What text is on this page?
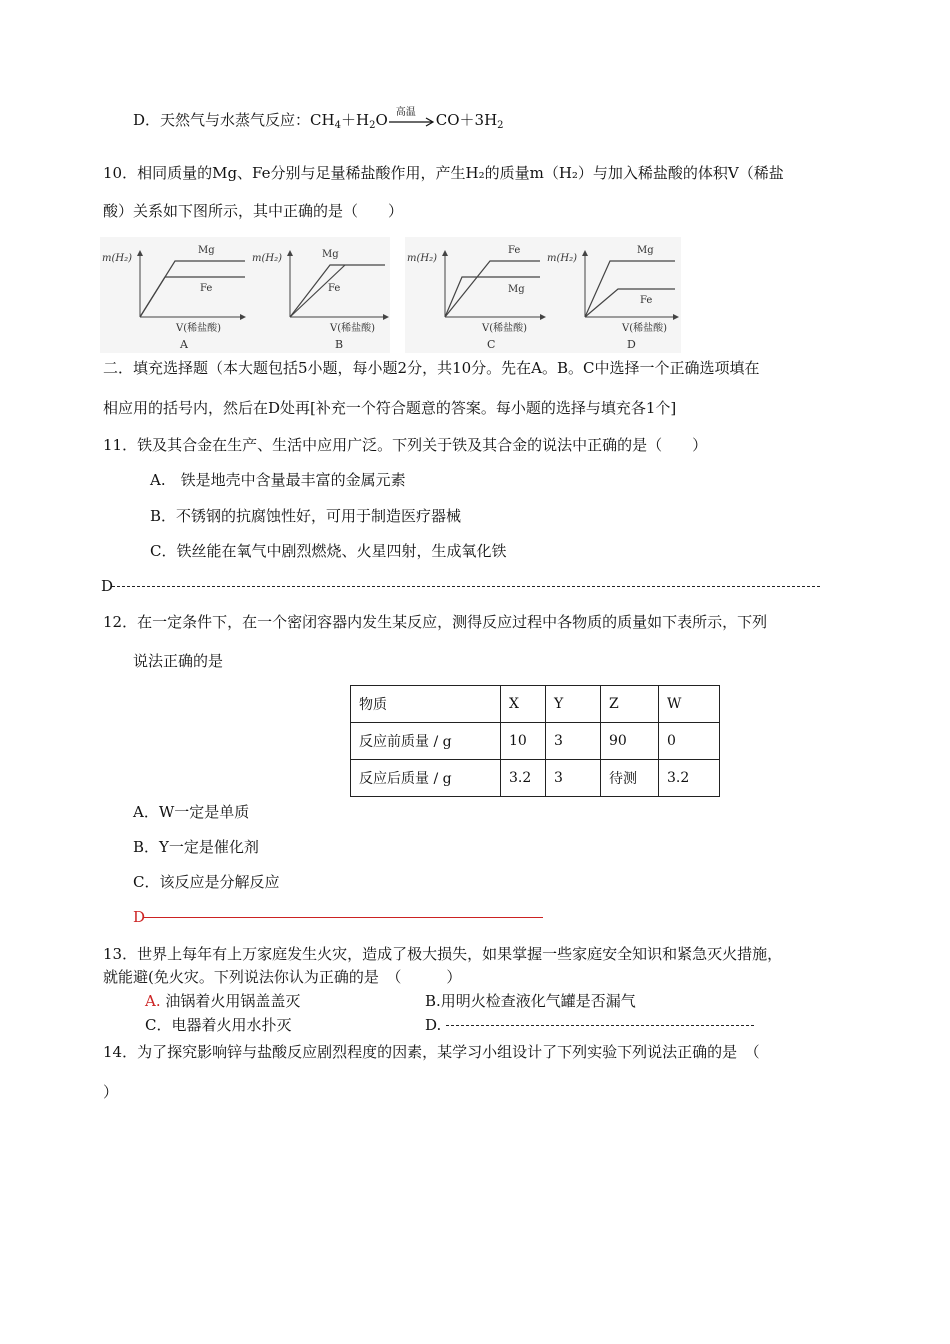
D．天然气与水蒸气反应：$CH_4+H_2O$ 高温 $CO+3H_2$
10．相同质量的Mg、Fe分别与足量稀盐酸作用，产生H₂的质量m（H₂）与加入稀盐酸的体积V（稀盐
酸）关系如下图所示，其中正确的是（　　）
m(H₂)
Mg
Fe
V(稀盐酸)
A
m(H₂)	Mg
Fe
V(稀盐酸)
B
m(H₂)
Fe
Mg
V(稀盐酸)
C
m(H₂)
Mg
Fe
V(稀盐酸)
D
二．填充选择题（本大题包括5小题，每小题2分，共10分。先在A。B。C中选择一个正确选项填在
相应用的括号内，然后在D处再[补充一个符合题意的答案。每小题的选择与填充各1个]
11．铁及其合金在生产、生活中应用广泛。下列关于铁及其合金的说法中正确的是（　　）
A.　铁是地壳中含量最丰富的金属元素
B．不锈钢的抗腐蚀性好，可用于制造医疗器械
C．铁丝能在氧气中剧烈燃烧、火星四射，生成氧化铁
D
12．在一定条件下，在一个密闭容器内发生某反应，测得反应过程中各物质的质量如下表所示，下列
说法正确的是
物质	X	Y	Z	W
反应前质量 / g	10	3	90	0
反应后质量 / g	3.2	3	待测	3.2
A．W一定是单质
B．Y一定是催化剂
C．该反应是分解反应
D
13．世界上每年有上万家庭发生火灾，造成了极大损失，如果掌握一些家庭安全知识和紧急灭火措施，
就能避(免火灾。下列说法你认为正确的是　（　　　）
A. 油锅着火用锅盖盖灭	B.用明火检查液化气罐是否漏气
C．电器着火用水扑灭	D.
14．为了探究影响锌与盐酸反应剧烈程度的因素，某学习小组设计了下列实验下列说法正确的是　（
）
